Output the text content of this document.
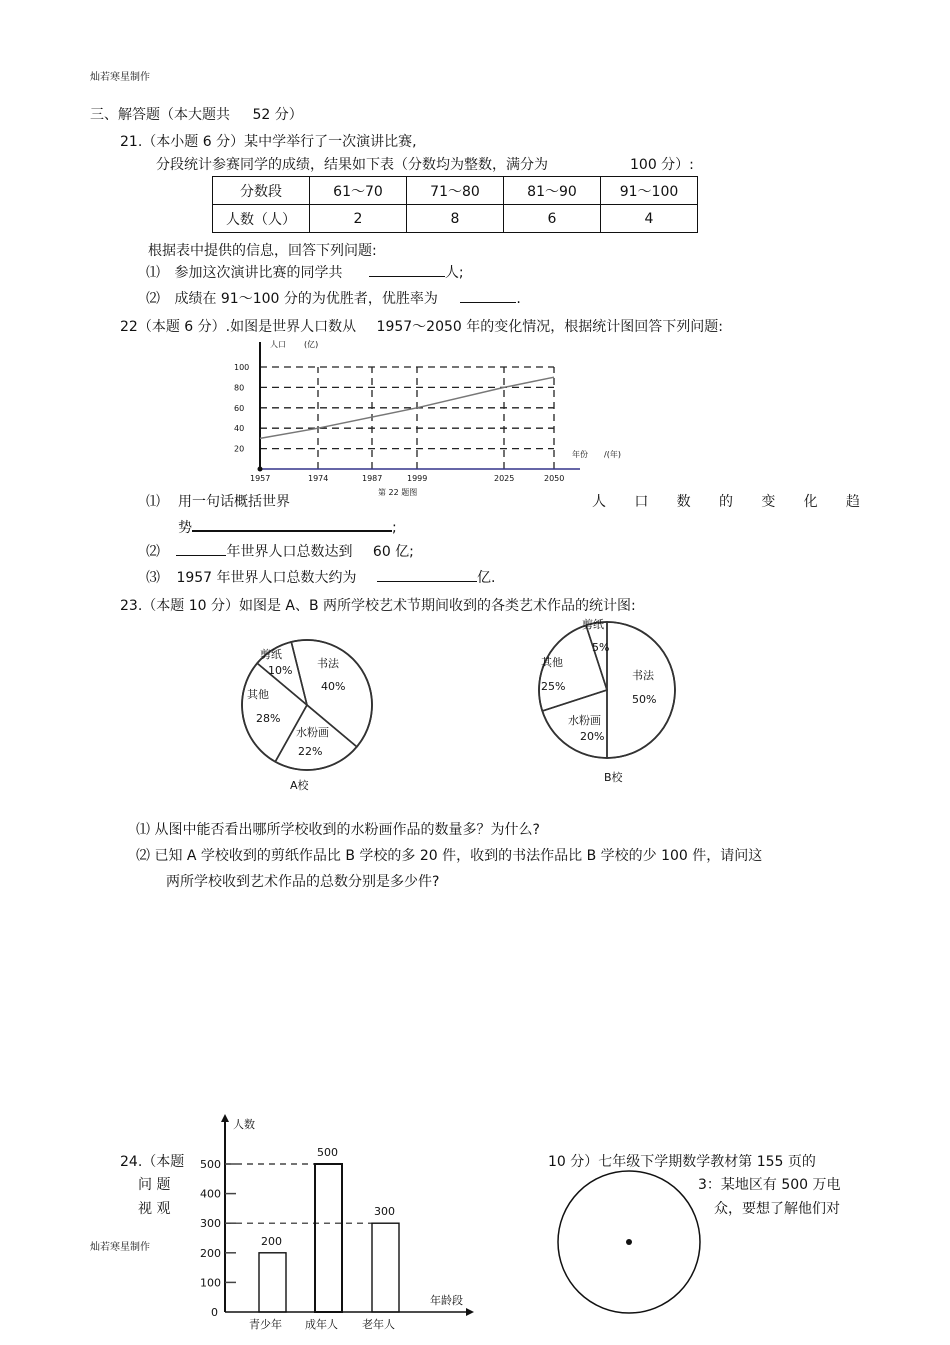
灿若寒星制作
三、解答题（本大题共 52 分）
21.（本小题 6 分）某中学举行了一次演讲比赛,
分段统计参赛同学的成绩，结果如下表（分数均为整数，满分为	100 分）:
分数段	61～70	71～80	81～90	91～100
人数（人）	2	8	6	4
根据表中提供的信息，回答下列问题:
⑴ 参加这次演讲比赛的同学共	人;
⑵ 成绩在 91～100 分的为优胜者，优胜率为	.
22（本题 6 分）.如图是世界人口数从 1957～2050 年的变化情况，根据统计图回答下列问题:
人口 (亿)
年份 /(年)
第 22 题图
20
40
60
80
100
1957	1974	1987	1999	2025	2050
⑴ 用一句话概括世界	人 口 数 的 变 化 趋
势	;
⑵	年世界人口总数达到 60 亿;
⑶ 1957 年世界人口总数大约为	亿.
23.（本题 10 分）如图是 A、B 两所学校艺术节期间收到的各类艺术作品的统计图:
书法
40%
水粉画
22%
其他
28%
剪纸
10%
A校
书法
50%
水粉画
20%
其他
25%
剪纸
5%
B校
⑴ 从图中能否看出哪所学校收到的水粉画作品的数量多？为什么?
⑵ 已知 A 学校收到的剪纸作品比 B 学校的多 20 件，收到的书法作品比 B 学校的少 100 件，请问这
两所学校收到艺术作品的总数分别是多少件?
24.（本题
问 题
视 观
10 分）七年级下学期数学教材第 155 页的
3：某地区有 500 万电
众，要想了解他们对
人数
年龄段
0
100
200
300
400
500
200
青少年
500
成年人
300
老年人
灿若寒星制作
